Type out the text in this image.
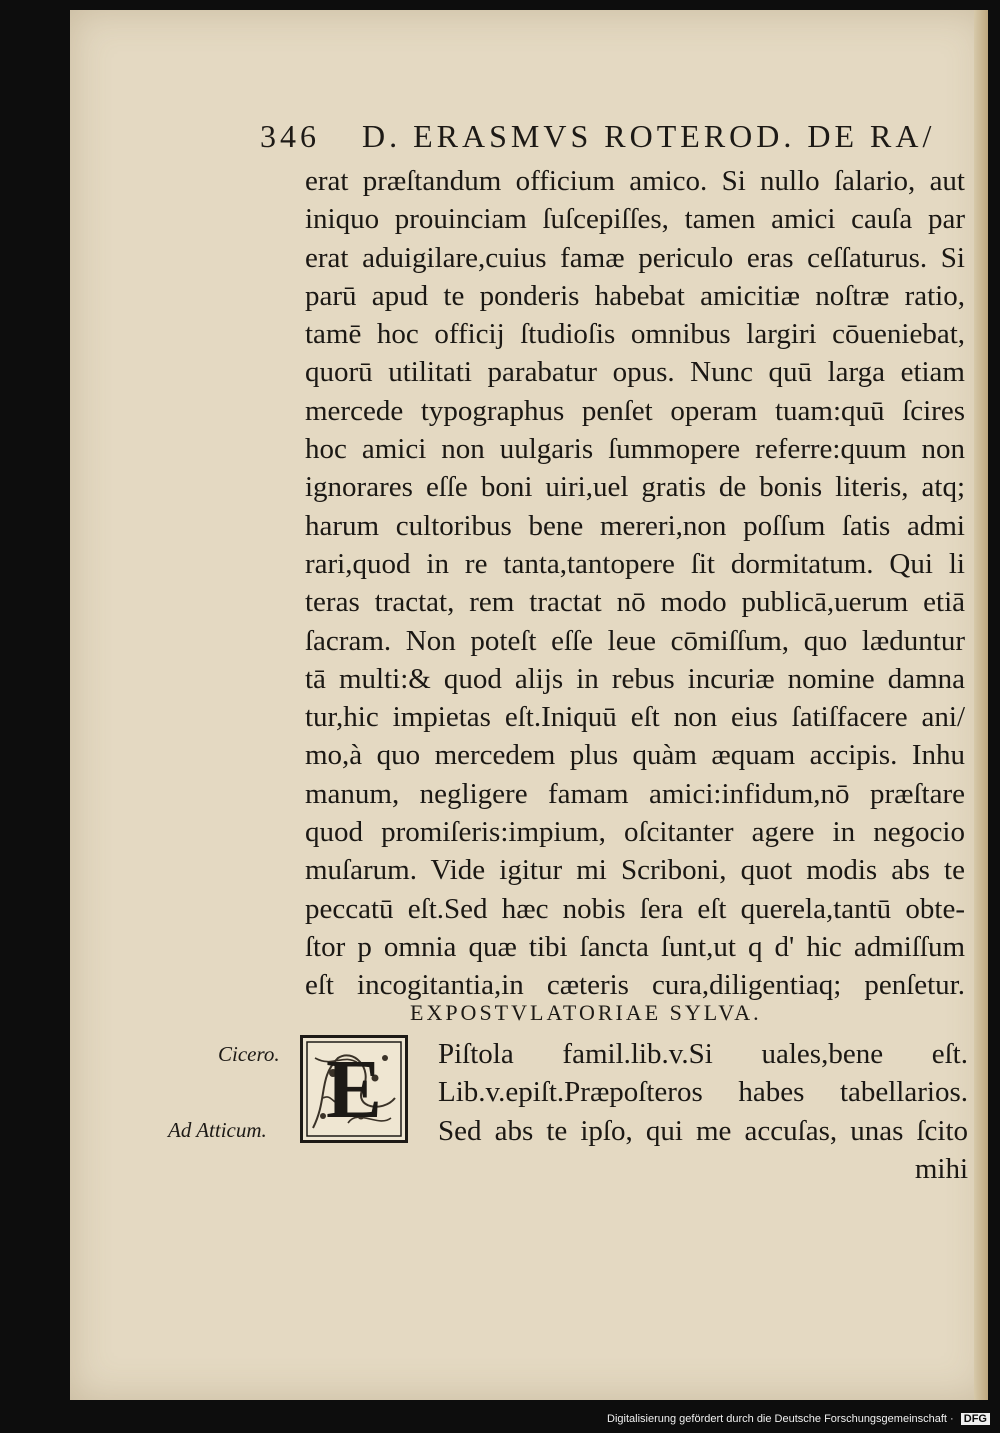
346 D. ERASMVS ROTEROD. DE RA/
erat præſtandum officium amico. Si nullo ſalario, aut
iniquo prouinciam ſuſcepiſſes, tamen amici cauſa par
erat aduigilare,cuius famæ periculo eras ceſſaturus. Si
parū apud te ponderis habebat amicitiæ noſtræ ratio,
tamē hoc officij ſtudioſis omnibus largiri cōueniebat,
quorū utilitati parabatur opus. Nunc quū larga etiam
mercede typographus penſet operam tuam:quū ſcires
hoc amici non uulgaris ſummopere referre:quum non
ignorares eſſe boni uiri,uel gratis de bonis literis, atq;
harum cultoribus bene mereri,non poſſum ſatis admi
rari,quod in re tanta,tantopere ſit dormitatum. Qui li
teras tractat, rem tractat nō modo publicā,uerum etiā
ſacram. Non poteſt eſſe leue cōmiſſum, quo læduntur
tā multi:& quod alijs in rebus incuriæ nomine damna
tur,hic impietas eſt.Iniquū eſt non eius ſatiſfacere ani/
mo,à quo mercedem plus quàm æquam accipis. Inhu
manum, negligere famam amici:infidum,nō præſtare
quod promiſeris:impium, oſcitanter agere in negocio
muſarum. Vide igitur mi Scriboni, quot modis abs te
peccatū eſt.Sed hæc nobis ſera eſt querela,tantū obte-
ſtor p omnia quæ tibi ſancta ſunt,ut q d' hic admiſſum
eſt incogitantia,in cæteris cura,diligentiaq; penſetur.
EXPOSTVLATORIAE SYLVA.
Cicero.
Ad Atticum. E	Piſtola famil.lib.v.Si uales,bene eſt.
Lib.v.epiſt.Præpoſteros habes tabellarios.
Sed abs te ipſo, qui me accuſas, unas ſcito
mihi
Digitalisierung gefördert durch die Deutsche Forschungsgemeinschaft · DFG
